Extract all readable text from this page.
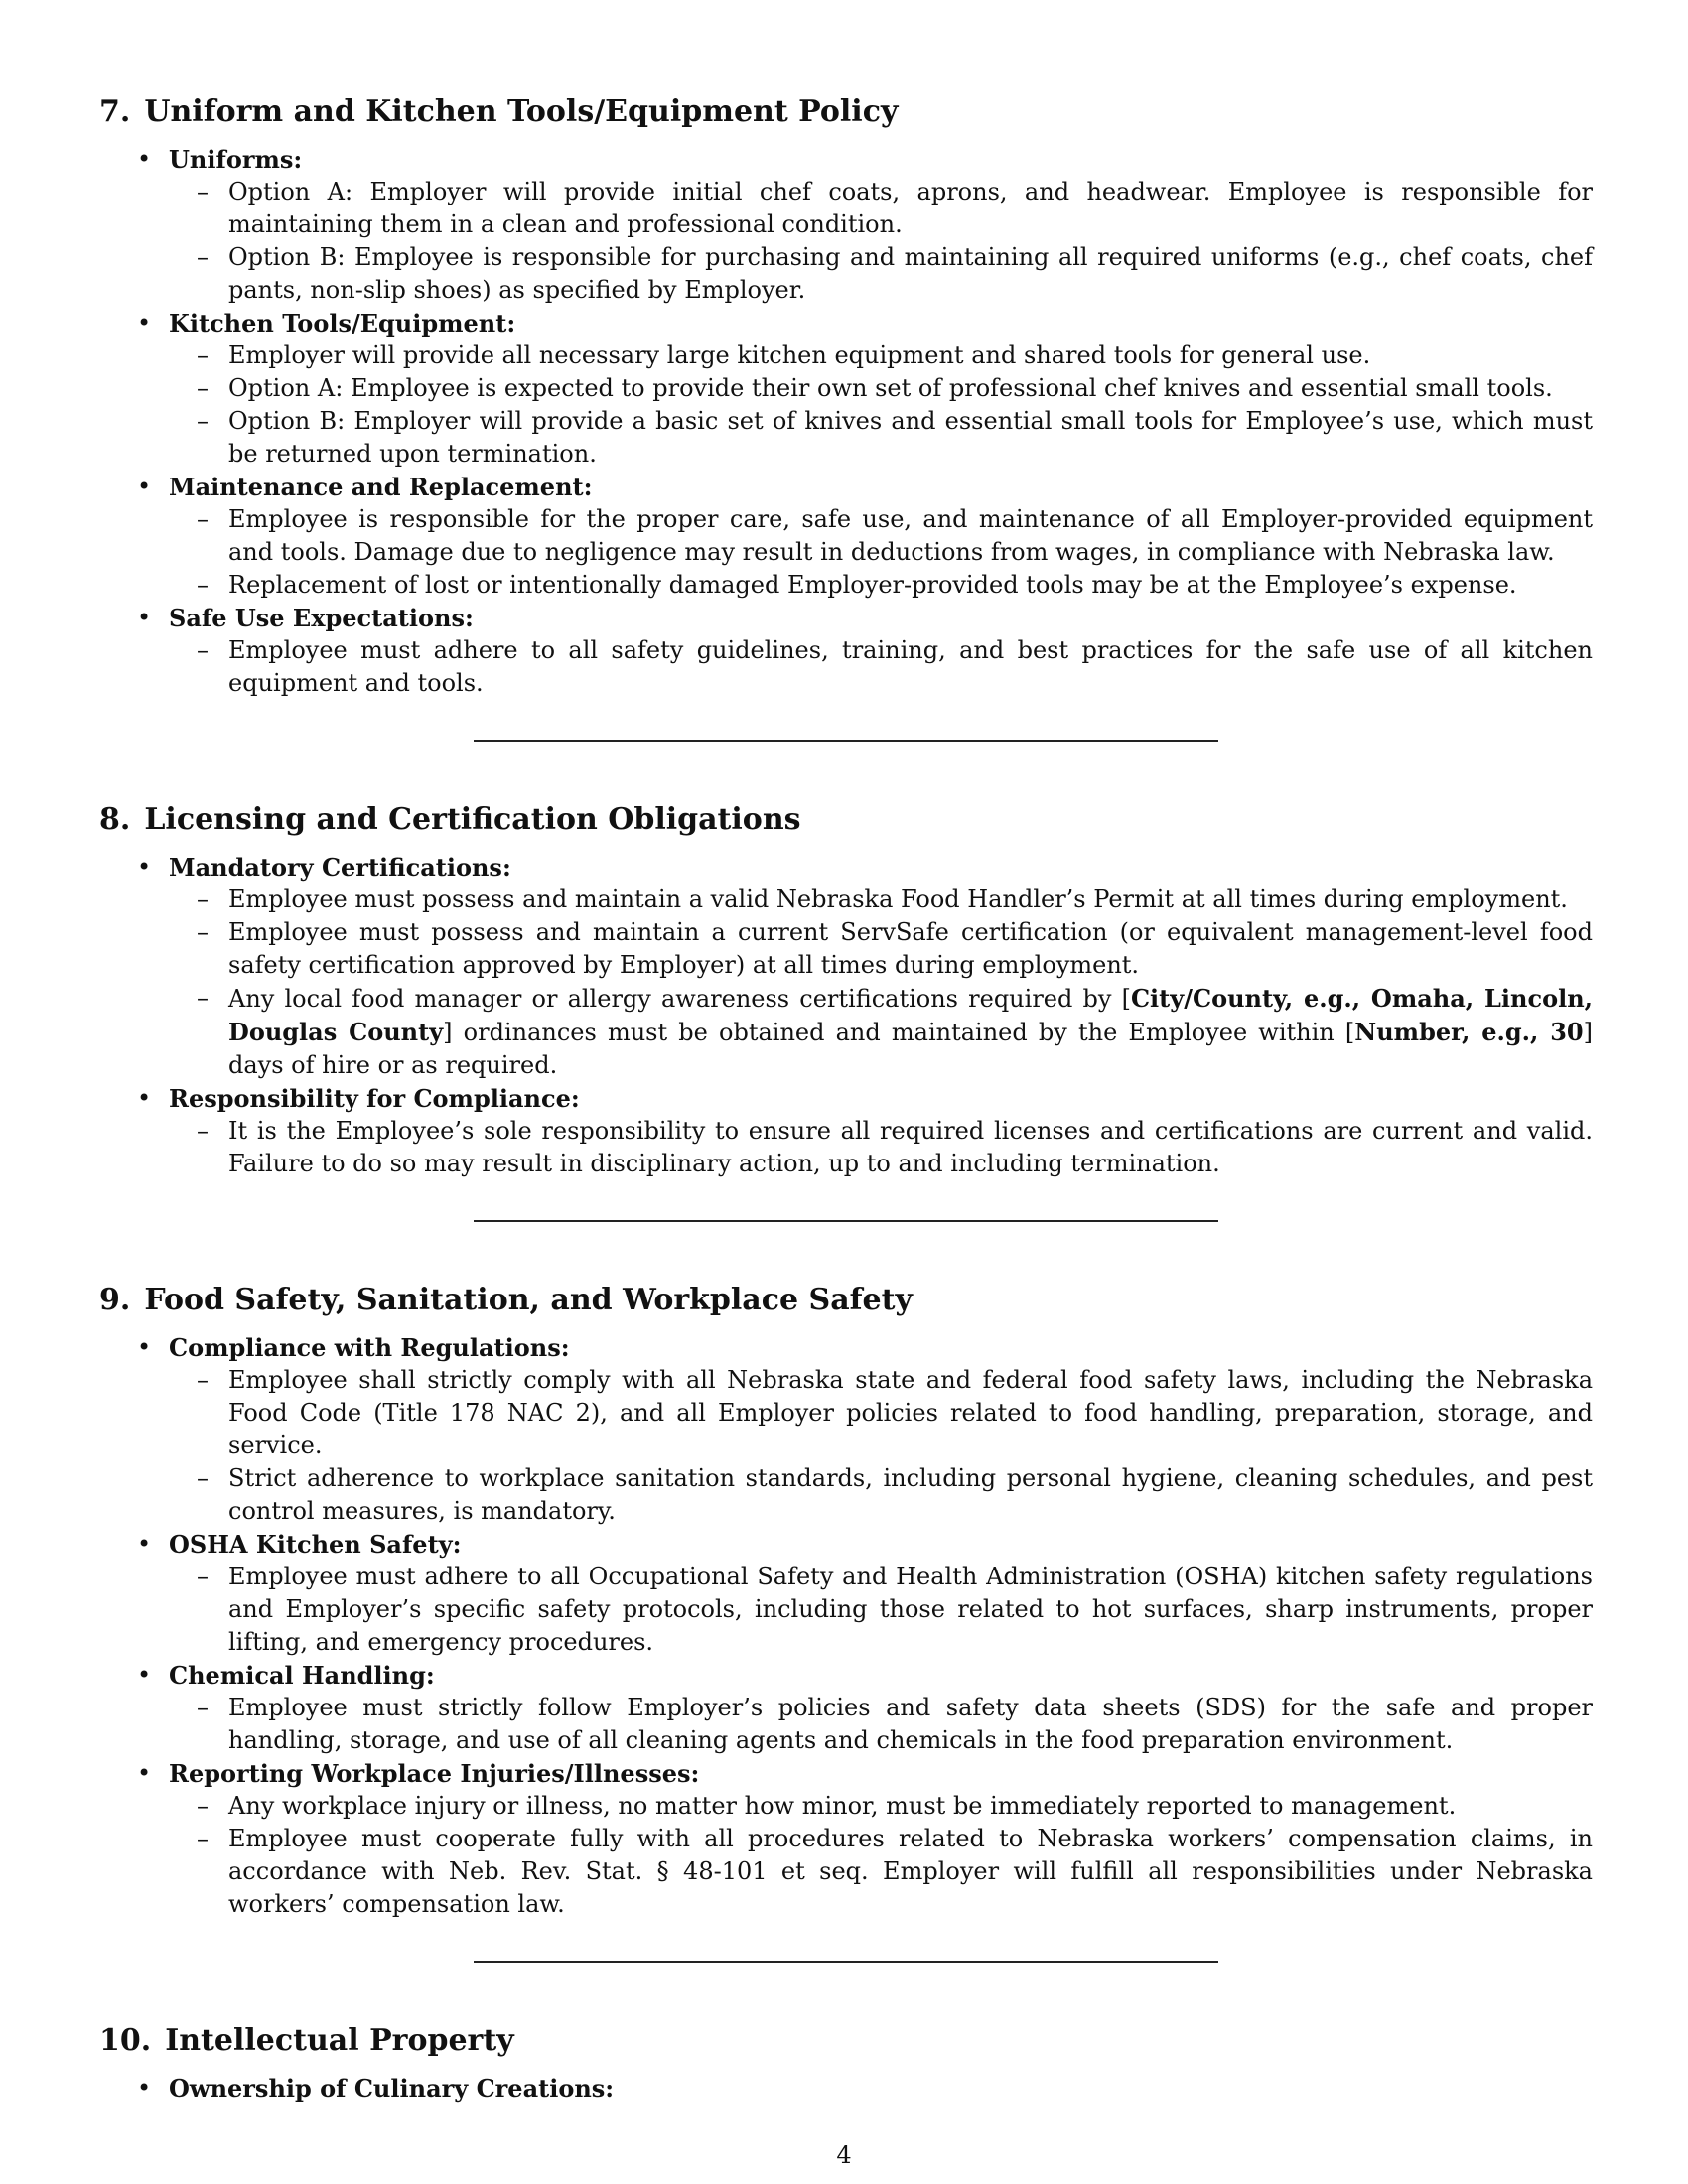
7. Uniform and Kitchen Tools/Equipment Policy
• Uniforms:
– Option A: Employer will provide initial chef coats, aprons, and headwear. Employee is responsible for maintaining them in a clean and professional condition.
– Option B: Employee is responsible for purchasing and maintaining all required uniforms (e.g., chef coats, chef pants, non-slip shoes) as specified by Employer.
• Kitchen Tools/Equipment:
– Employer will provide all necessary large kitchen equipment and shared tools for general use.
– Option A: Employee is expected to provide their own set of professional chef knives and essential small tools.
– Option B: Employer will provide a basic set of knives and essential small tools for Employee’s use, which must be returned upon termination.
• Maintenance and Replacement:
– Employee is responsible for the proper care, safe use, and maintenance of all Employer-provided equipment and tools. Damage due to negligence may result in deductions from wages, in compliance with Nebraska law.
– Replacement of lost or intentionally damaged Employer-provided tools may be at the Employee’s expense.
• Safe Use Expectations:
– Employee must adhere to all safety guidelines, training, and best practices for the safe use of all kitchen equipment and tools.
8. Licensing and Certification Obligations
• Mandatory Certifications:
– Employee must possess and maintain a valid Nebraska Food Handler’s Permit at all times during employment.
– Employee must possess and maintain a current ServSafe certification (or equivalent management-level food safety certification approved by Employer) at all times during employment.
– Any local food manager or allergy awareness certifications required by [City/County, e.g., Omaha, Lincoln, Douglas County] ordinances must be obtained and maintained by the Employee within [Number, e.g., 30] days of hire or as required.
• Responsibility for Compliance:
– It is the Employee’s sole responsibility to ensure all required licenses and certifications are current and valid. Failure to do so may result in disciplinary action, up to and including termination.
9. Food Safety, Sanitation, and Workplace Safety
• Compliance with Regulations:
– Employee shall strictly comply with all Nebraska state and federal food safety laws, including the Nebraska Food Code (Title 178 NAC 2), and all Employer policies related to food handling, preparation, storage, and service.
– Strict adherence to workplace sanitation standards, including personal hygiene, cleaning schedules, and pest control measures, is mandatory.
• OSHA Kitchen Safety:
– Employee must adhere to all Occupational Safety and Health Administration (OSHA) kitchen safety regulations and Employer’s specific safety protocols, including those related to hot surfaces, sharp instruments, proper lifting, and emergency procedures.
• Chemical Handling:
– Employee must strictly follow Employer’s policies and safety data sheets (SDS) for the safe and proper handling, storage, and use of all cleaning agents and chemicals in the food preparation environment.
• Reporting Workplace Injuries/Illnesses:
– Any workplace injury or illness, no matter how minor, must be immediately reported to management.
– Employee must cooperate fully with all procedures related to Nebraska workers’ compensation claims, in accordance with Neb. Rev. Stat. § 48-101 et seq. Employer will fulfill all responsibilities under Nebraska workers’ compensation law.
10. Intellectual Property
• Ownership of Culinary Creations:
4
